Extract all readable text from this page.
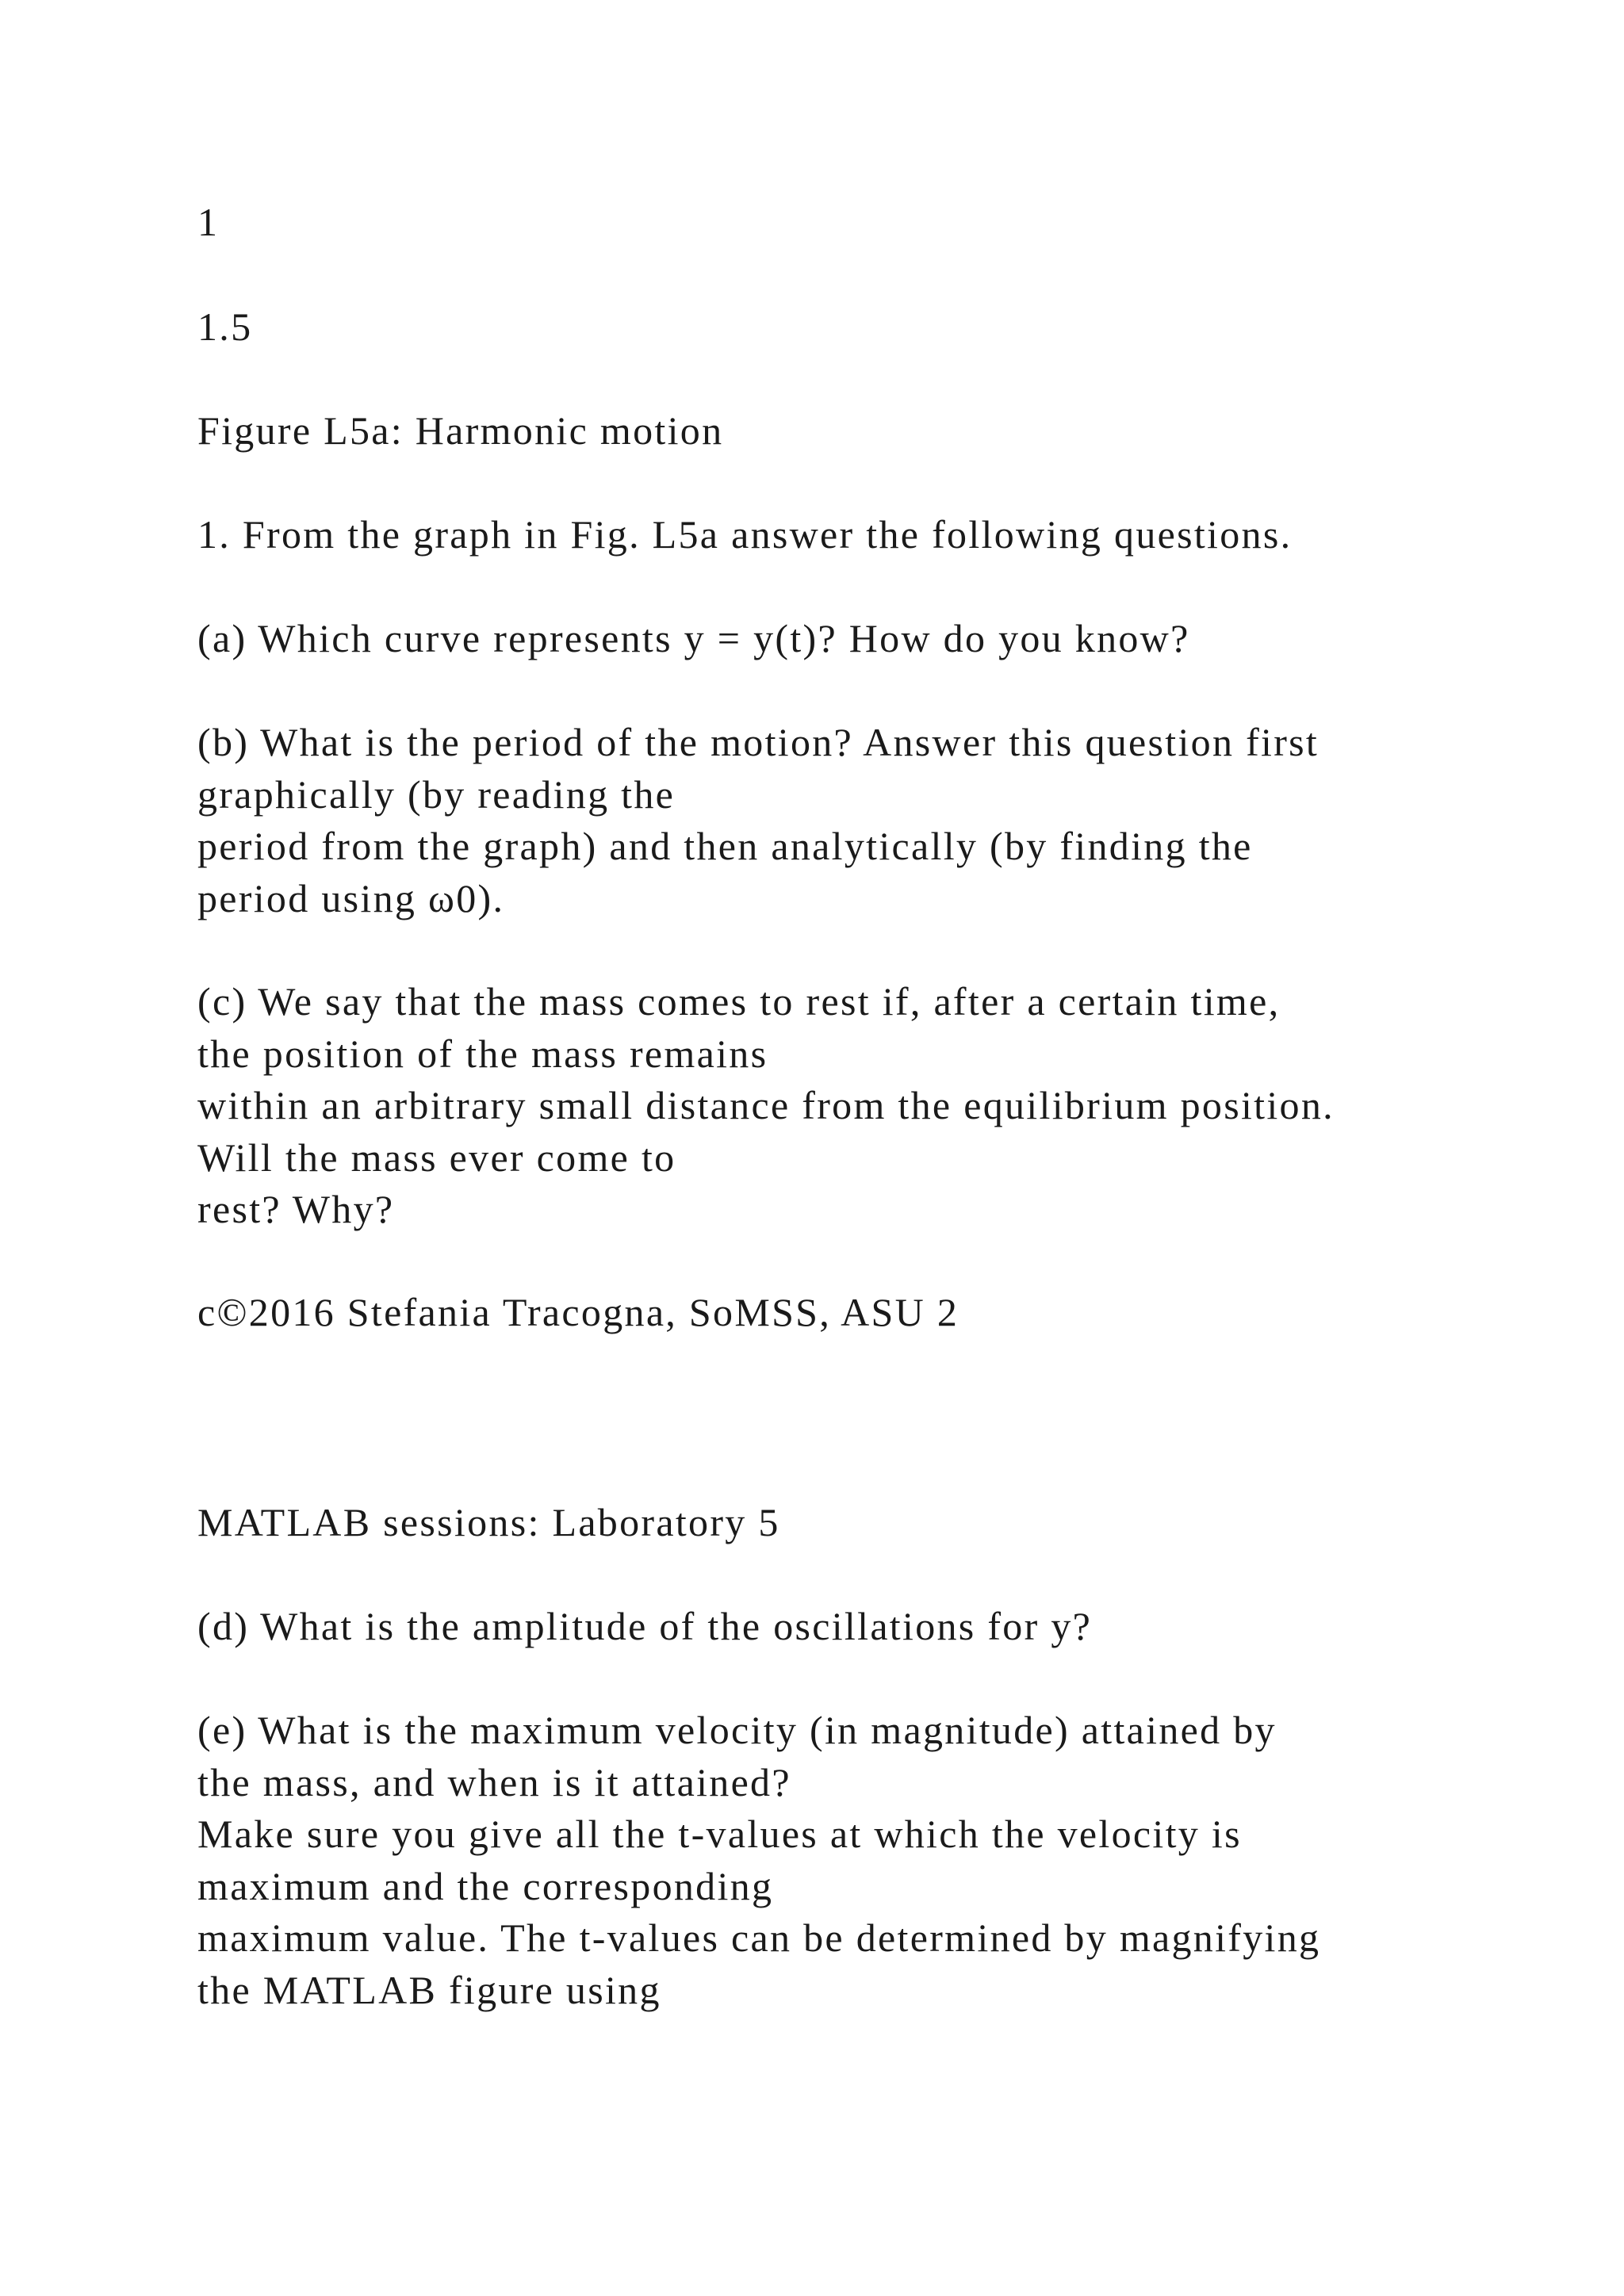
1

1.5

Figure L5a: Harmonic motion

1. From the graph in Fig. L5a answer the following questions.

(a) Which curve represents y = y(t)? How do you know?

(b) What is the period of the motion? Answer this question first
graphically (by reading the
period from the graph) and then analytically (by finding the
period using ω0).

(c) We say that the mass comes to rest if, after a certain time,
the position of the mass remains
within an arbitrary small distance from the equilibrium position.
Will the mass ever come to
rest? Why?

c©2016 Stefania Tracogna, SoMSS, ASU 2

MATLAB sessions: Laboratory 5

(d) What is the amplitude of the oscillations for y?

(e) What is the maximum velocity (in magnitude) attained by
the mass, and when is it attained?
Make sure you give all the t-values at which the velocity is
maximum and the corresponding
maximum value. The t-values can be determined by magnifying
the MATLAB figure using
